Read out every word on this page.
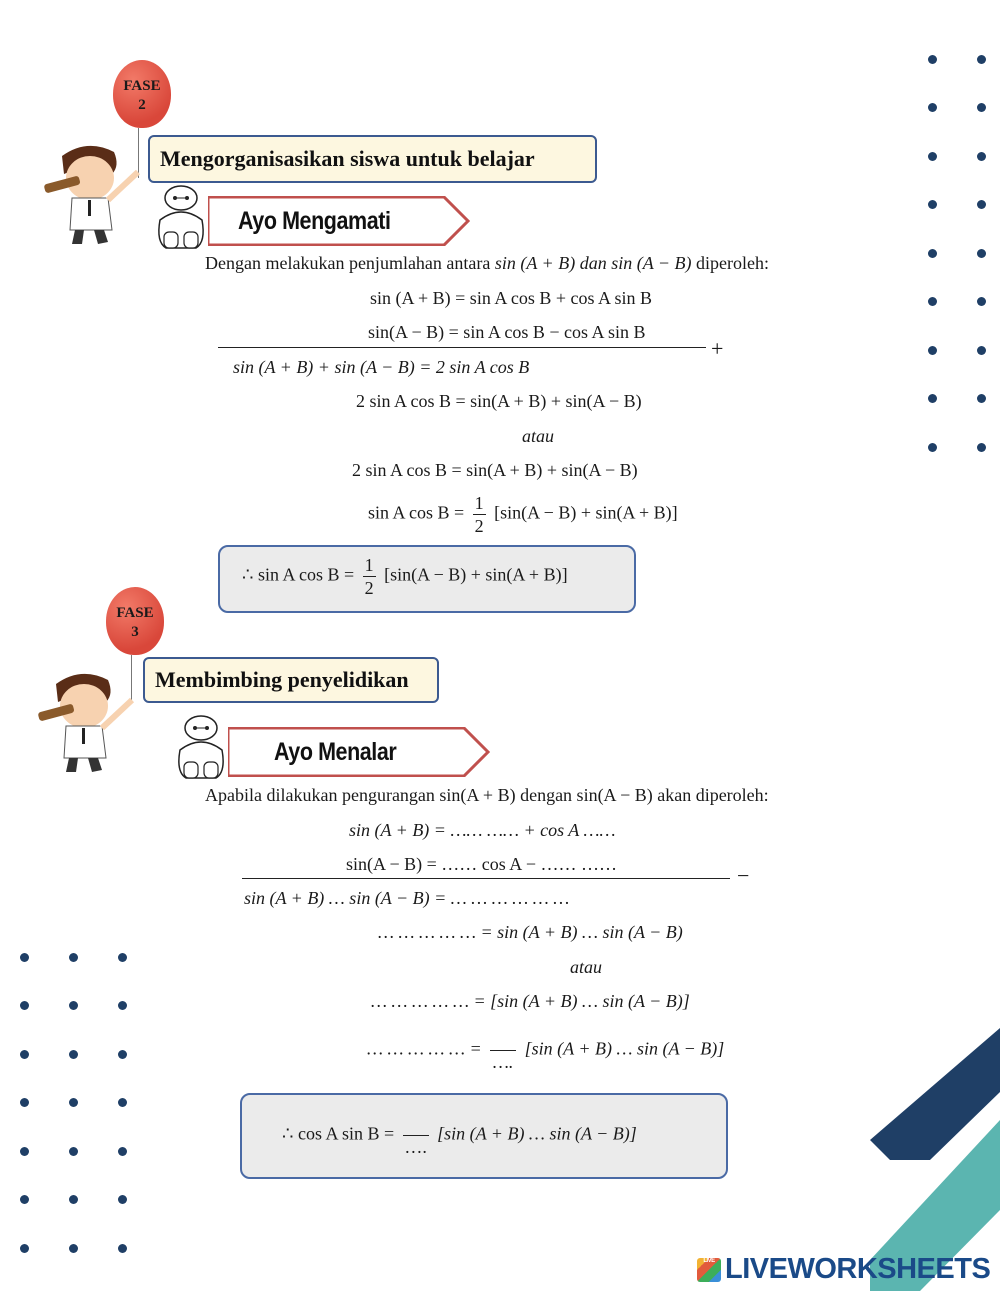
FASE
2
Mengorganisasikan siswa untuk belajar
Ayo Mengamati
Dengan melakukan penjumlahan antara sin (A + B) dan sin (A − B) diperoleh:
sin (A + B) = sin A cos B + cos A sin B
sin(A − B) = sin A cos B − cos A sin B
+
sin (A + B) + sin (A − B) = 2 sin A cos B
2 sin A cos B = sin(A + B) + sin(A − B)
atau
2 sin A cos B = sin(A + B) + sin(A − B)
sin A $\cos B = \frac{1}{2} [\sin(A - B) + \sin(A + B)]$
∴ sin A $\cos B = \frac{1}{2} [\sin(A - B) + \sin(A + B)]$
FASE
3
Membimbing penyelidikan
Ayo Menalar
Apabila dilakukan pengurangan sin(A + B) dengan sin(A − B) akan diperoleh:
sin (A + B) = …… …… + cos A ……
sin(A − B) = …… cos A − …… ……	−
sin (A + B) … sin (A − B) = … … … … … …
… … … … … = sin (A + B) … sin (A − B)
atau
… … … … … = [sin (A + B) … sin (A − B)]
… … … … … =
….
[sin (A + B) … sin (A − B)]
∴ cos A sin B =
….
[sin (A + B) … sin (A − B)]
LIVE LIVEWORKSHEETS
